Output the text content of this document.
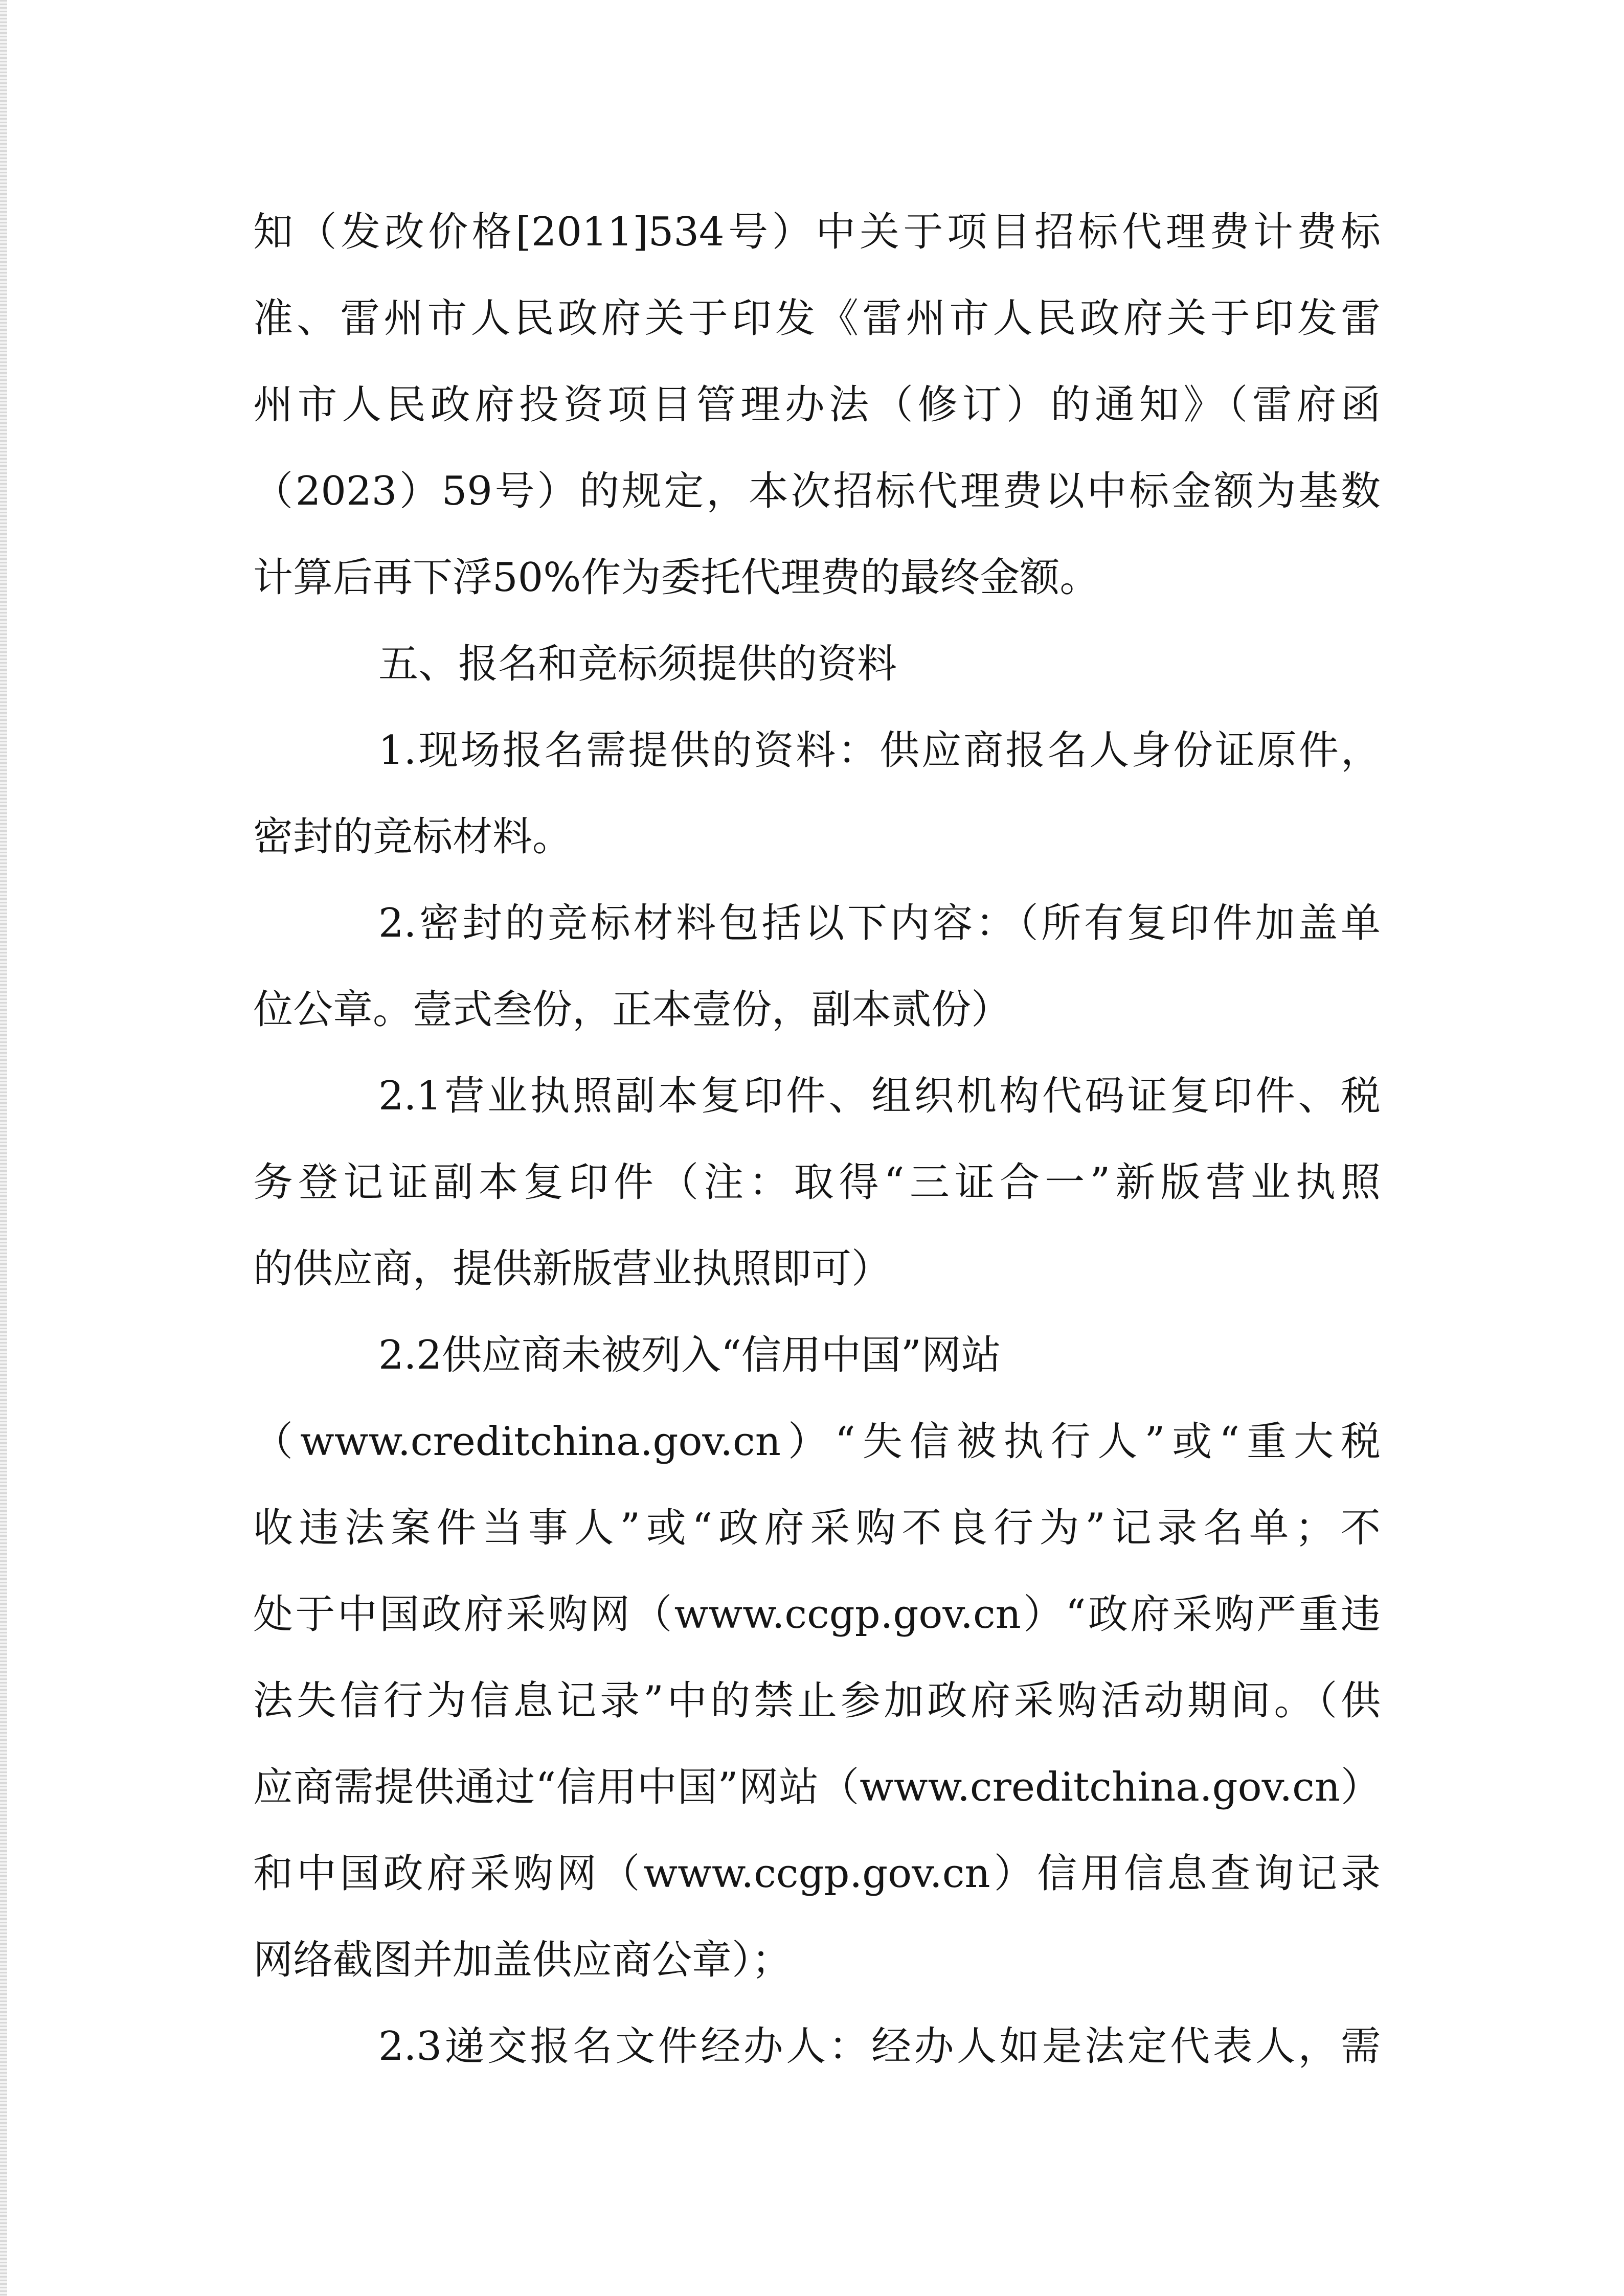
知（发改价格[2011]534号）中关于项目招标代理费计费标
准、雷州市人民政府关于印发《雷州市人民政府关于印发雷
州市人民政府投资项目管理办法（修订）的通知》（雷府函
（2023）59号）的规定，本次招标代理费以中标金额为基数
计算后再下浮50%作为委托代理费的最终金额。
五、报名和竞标须提供的资料
1.现场报名需提供的资料：供应商报名人身份证原件，
密封的竞标材料。
2.密封的竞标材料包括以下内容：（所有复印件加盖单
位公章。壹式叁份，正本壹份，副本贰份）
2.1营业执照副本复印件、组织机构代码证复印件、税
务登记证副本复印件（注：取得“三证合一”新版营业执照
的供应商，提供新版营业执照即可）
2.2供应商未被列入“信用中国”网站
（www.creditchina.gov.cn）“失信被执行人”或“重大税
收违法案件当事人”或“政府采购不良行为”记录名单；不
处于中国政府采购网（www.ccgp.gov.cn）“政府采购严重违
法失信行为信息记录”中的禁止参加政府采购活动期间。（供
应商需提供通过“信用中国”网站（www.creditchina.gov.cn）
和中国政府采购网（www.ccgp.gov.cn）信用信息查询记录
网络截图并加盖供应商公章）；
2.3递交报名文件经办人：经办人如是法定代表人，需
